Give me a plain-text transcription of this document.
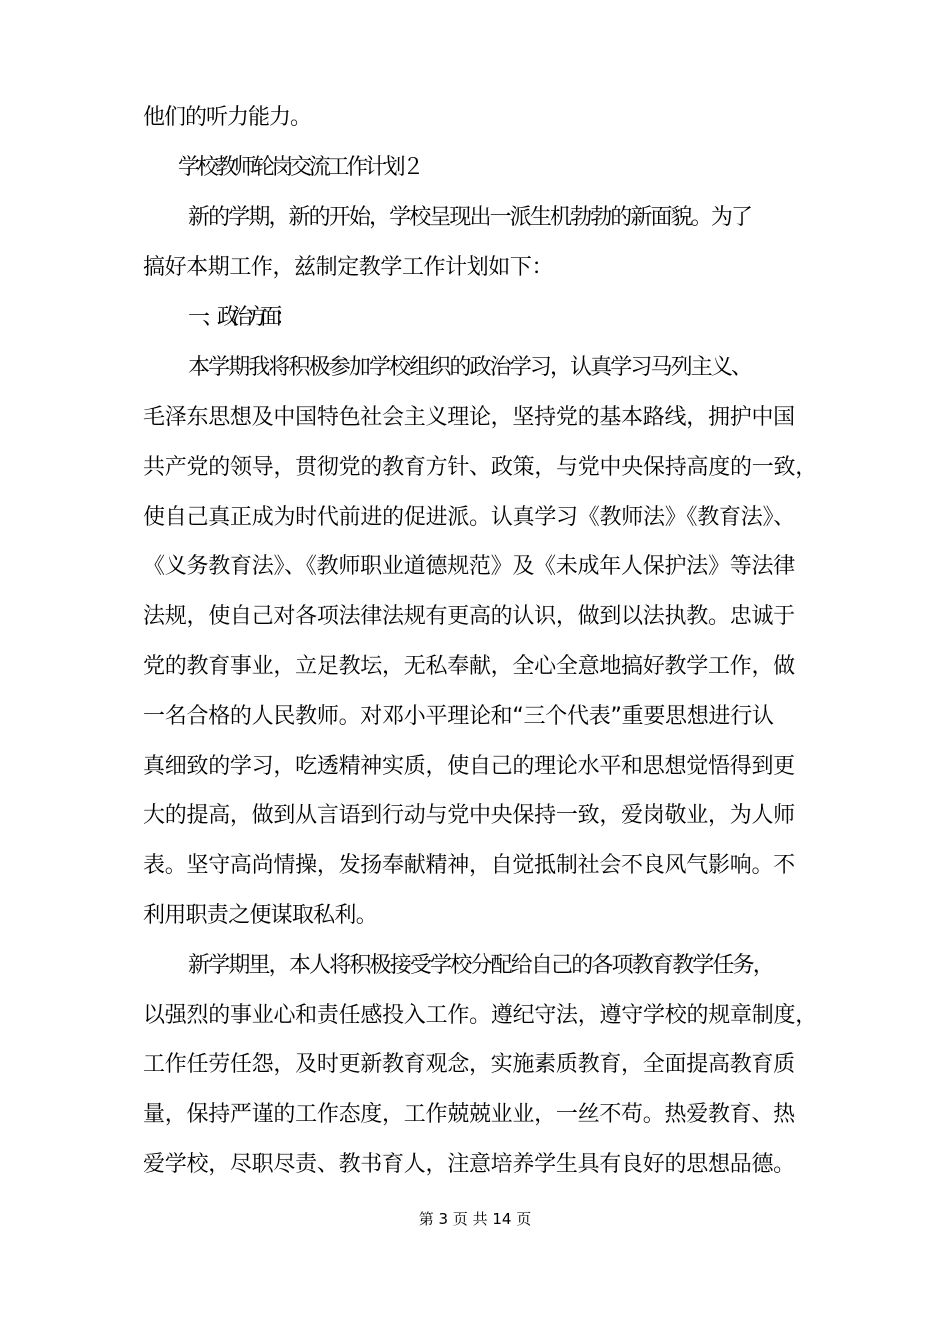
他们的听力能力。
学校教师轮岗交流工作计划２
新的学期，新的开始，学校呈现出一派生机勃勃的新面貌。为了
搞好本期工作，兹制定教学工作计划如下：
一、政治方面：
本学期我将积极参加学校组织的政治学习，认真学习马列主义、
毛泽东思想及中国特色社会主义理论，坚持党的基本路线，拥护中国
共产党的领导，贯彻党的教育方针、政策，与党中央保持高度的一致，
使自己真正成为时代前进的促进派。认真学习《教师法》《教育法》、
《义务教育法》、《教师职业道德规范》及《未成年人保护法》等法律
法规，使自己对各项法律法规有更高的认识，做到以法执教。忠诚于
党的教育事业，立足教坛，无私奉献，全心全意地搞好教学工作，做
一名合格的人民教师。对邓小平理论和“三个代表”重要思想进行认
真细致的学习，吃透精神实质，使自己的理论水平和思想觉悟得到更
大的提高，做到从言语到行动与党中央保持一致，爱岗敬业，为人师
表。坚守高尚情操，发扬奉献精神，自觉抵制社会不良风气影响。不
利用职责之便谋取私利。
新学期里，本人将积极接受学校分配给自己的各项教育教学任务，
以强烈的事业心和责任感投入工作。遵纪守法，遵守学校的规章制度，
工作任劳任怨，及时更新教育观念，实施素质教育，全面提高教育质
量，保持严谨的工作态度，工作兢兢业业，一丝不苟。热爱教育、热
爱学校，尽职尽责、教书育人，注意培养学生具有良好的思想品德。
第 3 页 共 14 页
